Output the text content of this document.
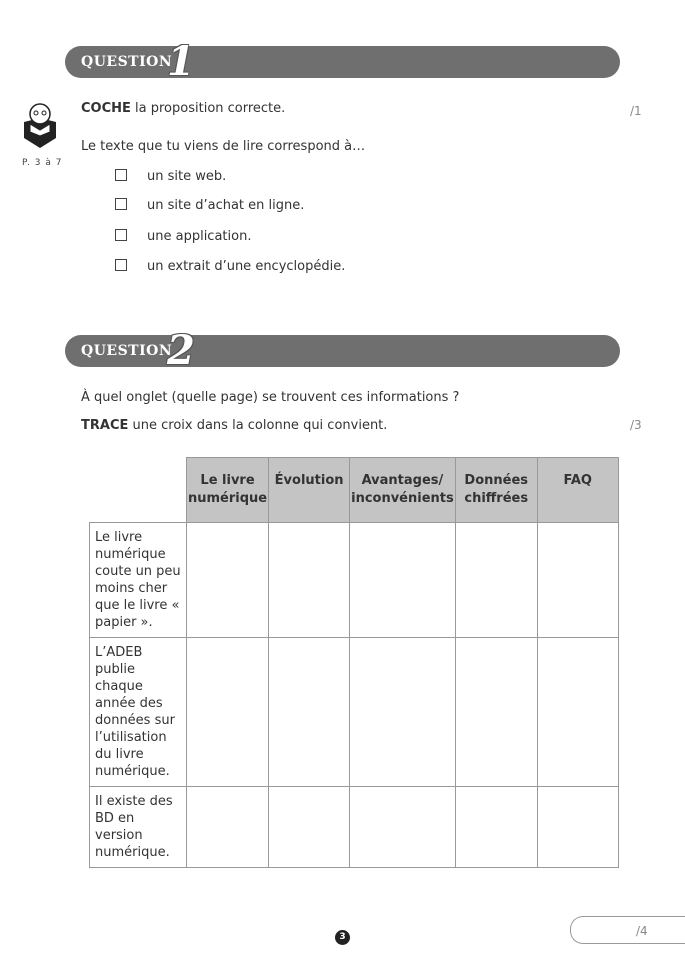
QUESTION
1
P. 3 à 7
COCHE la proposition correcte.	/1
Le texte que tu viens de lire correspond à…
un site web.
un site d’achat en ligne.
une application.
un extrait d’une encyclopédie.
QUESTION
2
À quel onglet (quelle page) se trouvent ces informations ?
TRACE une croix dans la colonne qui convient.	/3
	Le livre numérique	Évolution	Avantages/ inconvénients	Données chiffrées	FAQ
Le livre numérique coute un peu moins cher que le livre « papier ».					
L’ADEB publie chaque année des données sur l’utilisation du livre numérique.					
Il existe des BD en version numérique.					
3	/4
